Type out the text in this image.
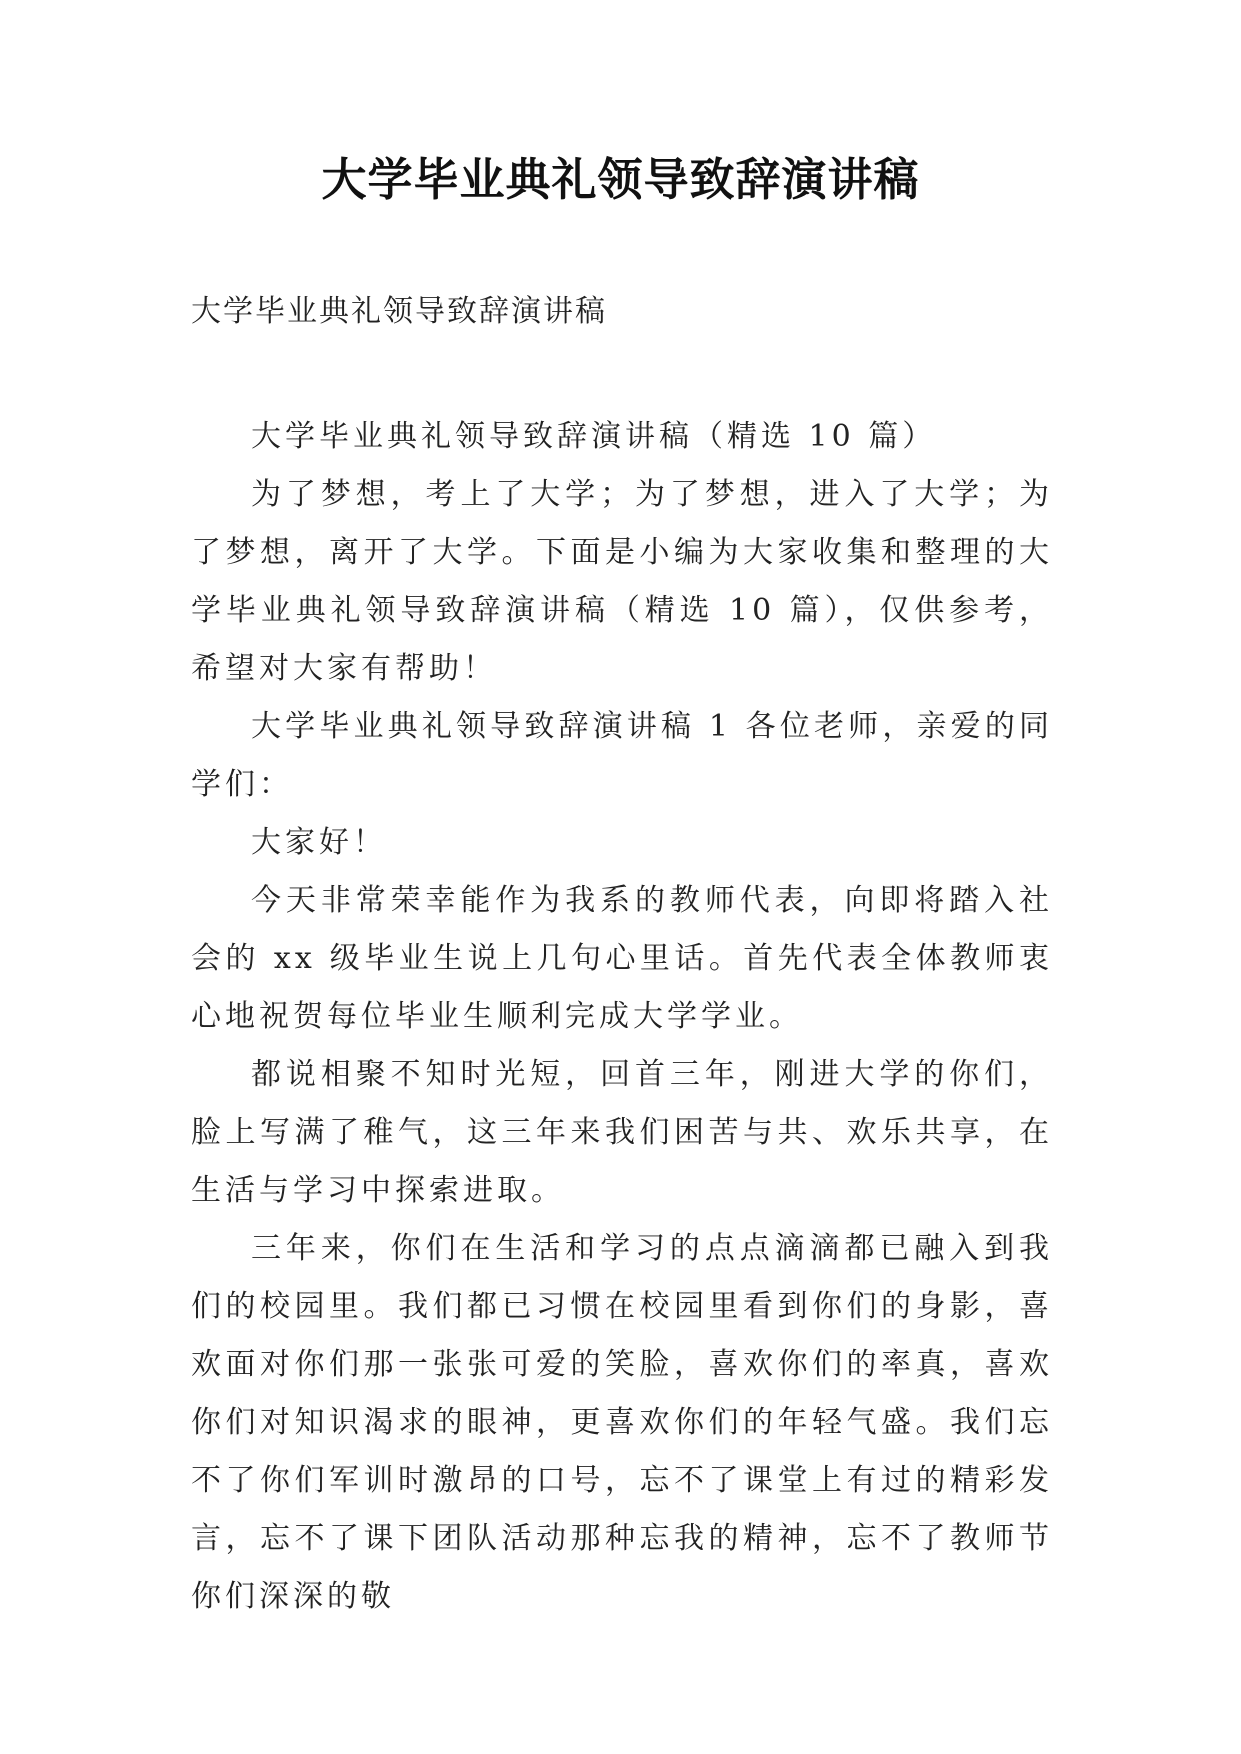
大学毕业典礼领导致辞演讲稿
大学毕业典礼领导致辞演讲稿

大学毕业典礼领导致辞演讲稿（精选 10 篇）

为了梦想，考上了大学；为了梦想，进入了大学；为了梦想，离开了大学。下面是小编为大家收集和整理的大学毕业典礼领导致辞演讲稿（精选 10 篇），仅供参考，希望对大家有帮助！

大学毕业典礼领导致辞演讲稿 1 各位老师，亲爱的同学们：

大家好！

今天非常荣幸能作为我系的教师代表，向即将踏入社会的 xx 级毕业生说上几句心里话。首先代表全体教师衷心地祝贺每位毕业生顺利完成大学学业。

都说相聚不知时光短，回首三年，刚进大学的你们，脸上写满了稚气，这三年来我们困苦与共、欢乐共享，在生活与学习中探索进取。

三年来，你们在生活和学习的点点滴滴都已融入到我们的校园里。我们都已习惯在校园里看到你们的身影，喜欢面对你们那一张张可爱的笑脸，喜欢你们的率真，喜欢你们对知识渴求的眼神，更喜欢你们的年轻气盛。我们忘不了你们军训时激昂的口号，忘不了课堂上有过的精彩发言，忘不了课下团队活动那种忘我的精神，忘不了教师节你们深深的敬
